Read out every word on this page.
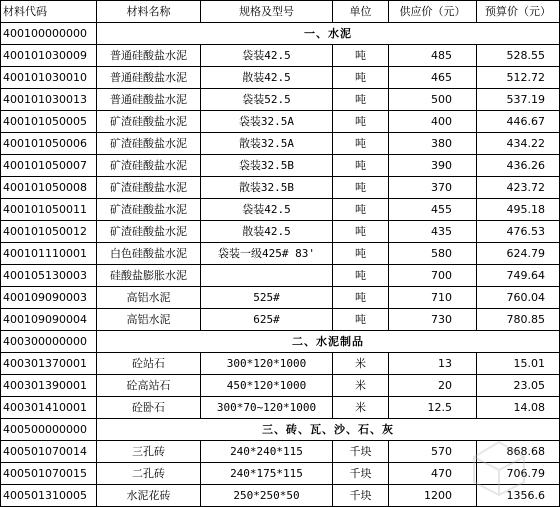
材料代码	材料名称	规格及型号	单位	供应价（元）	预算价（元）
400100000000	一、水泥				
400101030009	普通硅酸盐水泥	袋装42.5	吨	485	528.55
400101030010	普通硅酸盐水泥	散装42.5	吨	465	512.72
400101030013	普通硅酸盐水泥	袋装52.5	吨	500	537.19
400101050005	矿渣硅酸盐水泥	袋装32.5A	吨	400	446.67
400101050006	矿渣硅酸盐水泥	散装32.5A	吨	380	434.22
400101050007	矿渣硅酸盐水泥	袋装32.5B	吨	390	436.26
400101050008	矿渣硅酸盐水泥	散装32.5B	吨	370	423.72
400101050011	矿渣硅酸盐水泥	袋装42.5	吨	455	495.18
400101050012	矿渣硅酸盐水泥	散装42.5	吨	435	476.53
400101110001	白色硅酸盐水泥	袋装一级425# 83'	吨	580	624.79
400105130003	硅酸盐膨胀水泥		吨	700	749.64
400109090003	高铝水泥	525#	吨	710	760.04
400109090004	高铝水泥	625#	吨	730	780.85
400300000000	二、水泥制品				
400301370001	砼站石	300*120*1000	米	13	15.01
400301390001	砼高站石	450*120*1000	米	20	23.05
400301410001	砼卧石	300*70~120*1000	米	12.5	14.08
400500000000	三、砖、瓦、沙、石、灰				
400501070014	三孔砖	240*240*115	千块	570	868.68
400501070015	二孔砖	240*175*115	千块	470	706.79
400501310005	水泥花砖	250*250*50	千块	1200	1356.6
